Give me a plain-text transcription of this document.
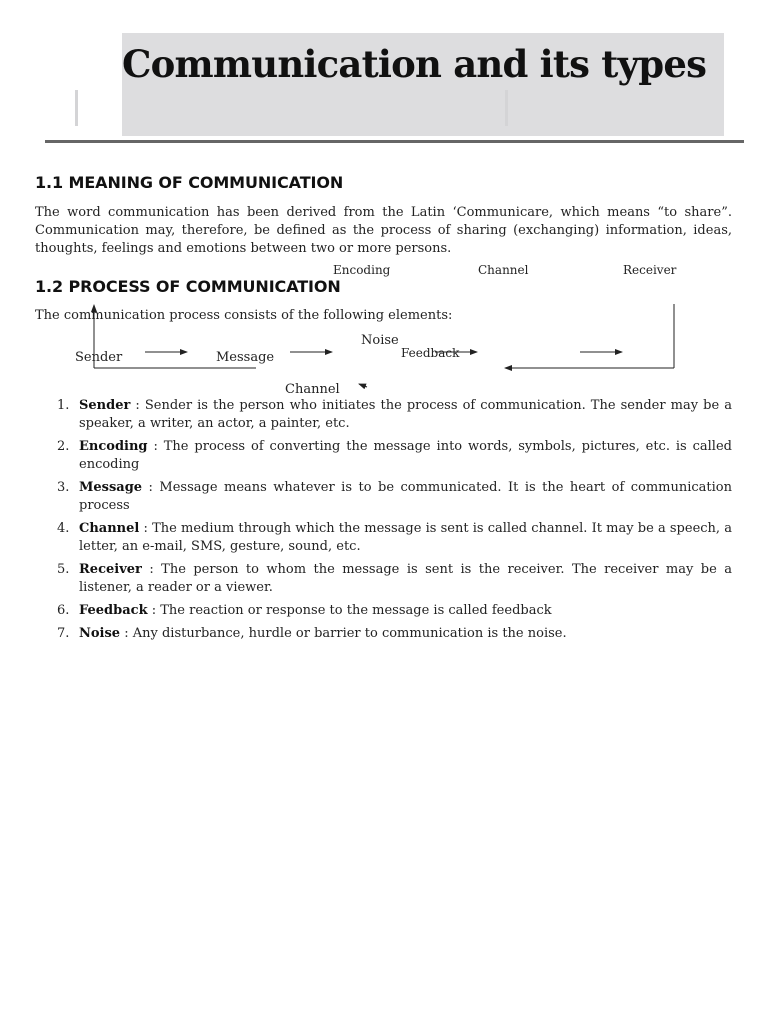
Communication and its types
1.1 MEANING OF COMMUNICATION

The word communication has been derived from the Latin ‘Communicare, which means “to share”. Communication may, therefore, be defined as the process of sharing (exchanging) information, ideas, thoughts, feelings and emotions between two or more persons.

1.2 PROCESS OF COMMUNICATION

The communication process consists of the following elements:

Encoding	Channel	Receiver
Noise
Sender	Message	Feedback
Channel
1. Sender : Sender is the person who initiates the process of communication. The sender may be a speaker, a writer, an actor, a painter, etc.
2. Encoding : The process of converting the message into words, symbols, pictures, etc. is called encoding
3. Message : Message means whatever is to be communicated. It is the heart of communication process
4. Channel : The medium through which the message is sent is called channel. It may be a speech, a letter, an e-mail, SMS, gesture, sound, etc.
5. Receiver : The person to whom the message is sent is the receiver. The receiver may be a listener, a reader or a viewer.
6. Feedback : The reaction or response to the message is called feedback
7. Noise : Any disturbance, hurdle or barrier to communication is the noise.
